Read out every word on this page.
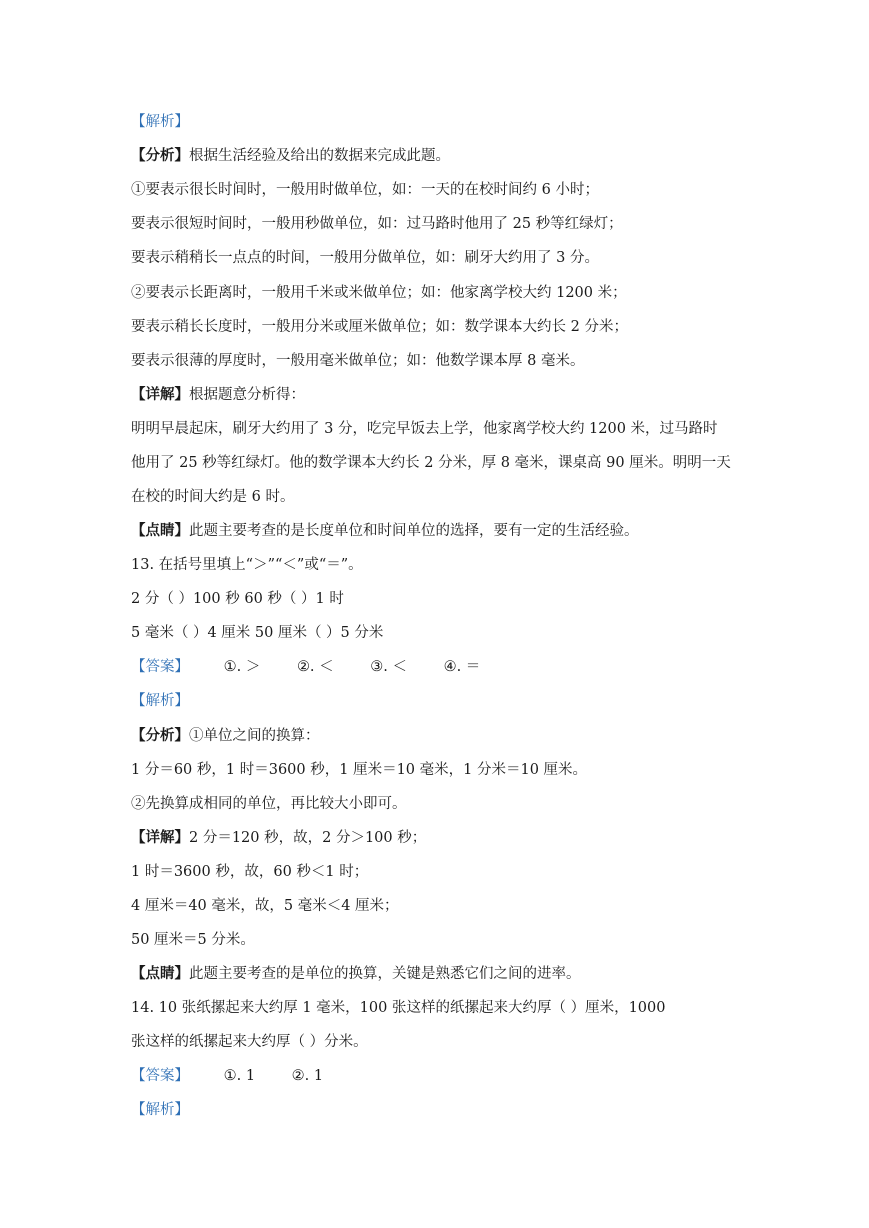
【解析】
【分析】根据生活经验及给出的数据来完成此题。
①要表示很长时间时，一般用时做单位，如：一天的在校时间约 6 小时；
要表示很短时间时，一般用秒做单位，如：过马路时他用了 25 秒等红绿灯；
要表示稍稍长一点点的时间，一般用分做单位，如：刷牙大约用了 3 分。
②要表示长距离时，一般用千米或米做单位；如：他家离学校大约 1200 米；
要表示稍长长度时，一般用分米或厘米做单位；如：数学课本大约长 2 分米；
要表示很薄的厚度时，一般用毫米做单位；如：他数学课本厚 8 毫米。
【详解】根据题意分析得：
明明早晨起床，刷牙大约用了 3 分，吃完早饭去上学，他家离学校大约 1200 米，过马路时
他用了 25 秒等红绿灯。他的数学课本大约长 2 分米，厚 8 毫米，课桌高 90 厘米。明明一天
在校的时间大约是 6 时。
【点睛】此题主要考查的是长度单位和时间单位的选择，要有一定的生活经验。
13. 在括号里填上“＞”“＜”或“＝”。
2 分（ ）100 秒 60 秒（ ）1 时
5 毫米（ ）4 厘米 50 厘米（ ）5 分米
【答案】 ①. ＞	②. ＜	③. ＜	④. ＝
【解析】
【分析】①单位之间的换算：
1 分＝60 秒，1 时＝3600 秒，1 厘米＝10 毫米，1 分米＝10 厘米。
②先换算成相同的单位，再比较大小即可。
【详解】2 分＝120 秒，故，2 分＞100 秒；
1 时＝3600 秒，故，60 秒＜1 时；
4 厘米＝40 毫米，故，5 毫米＜4 厘米；
50 厘米＝5 分米。
【点睛】此题主要考查的是单位的换算，关键是熟悉它们之间的进率。
14. 10 张纸摞起来大约厚 1 毫米，100 张这样的纸摞起来大约厚（ ）厘米，1000
张这样的纸摞起来大约厚（ ）分米。
【答案】 ①. 1	②. 1
【解析】
